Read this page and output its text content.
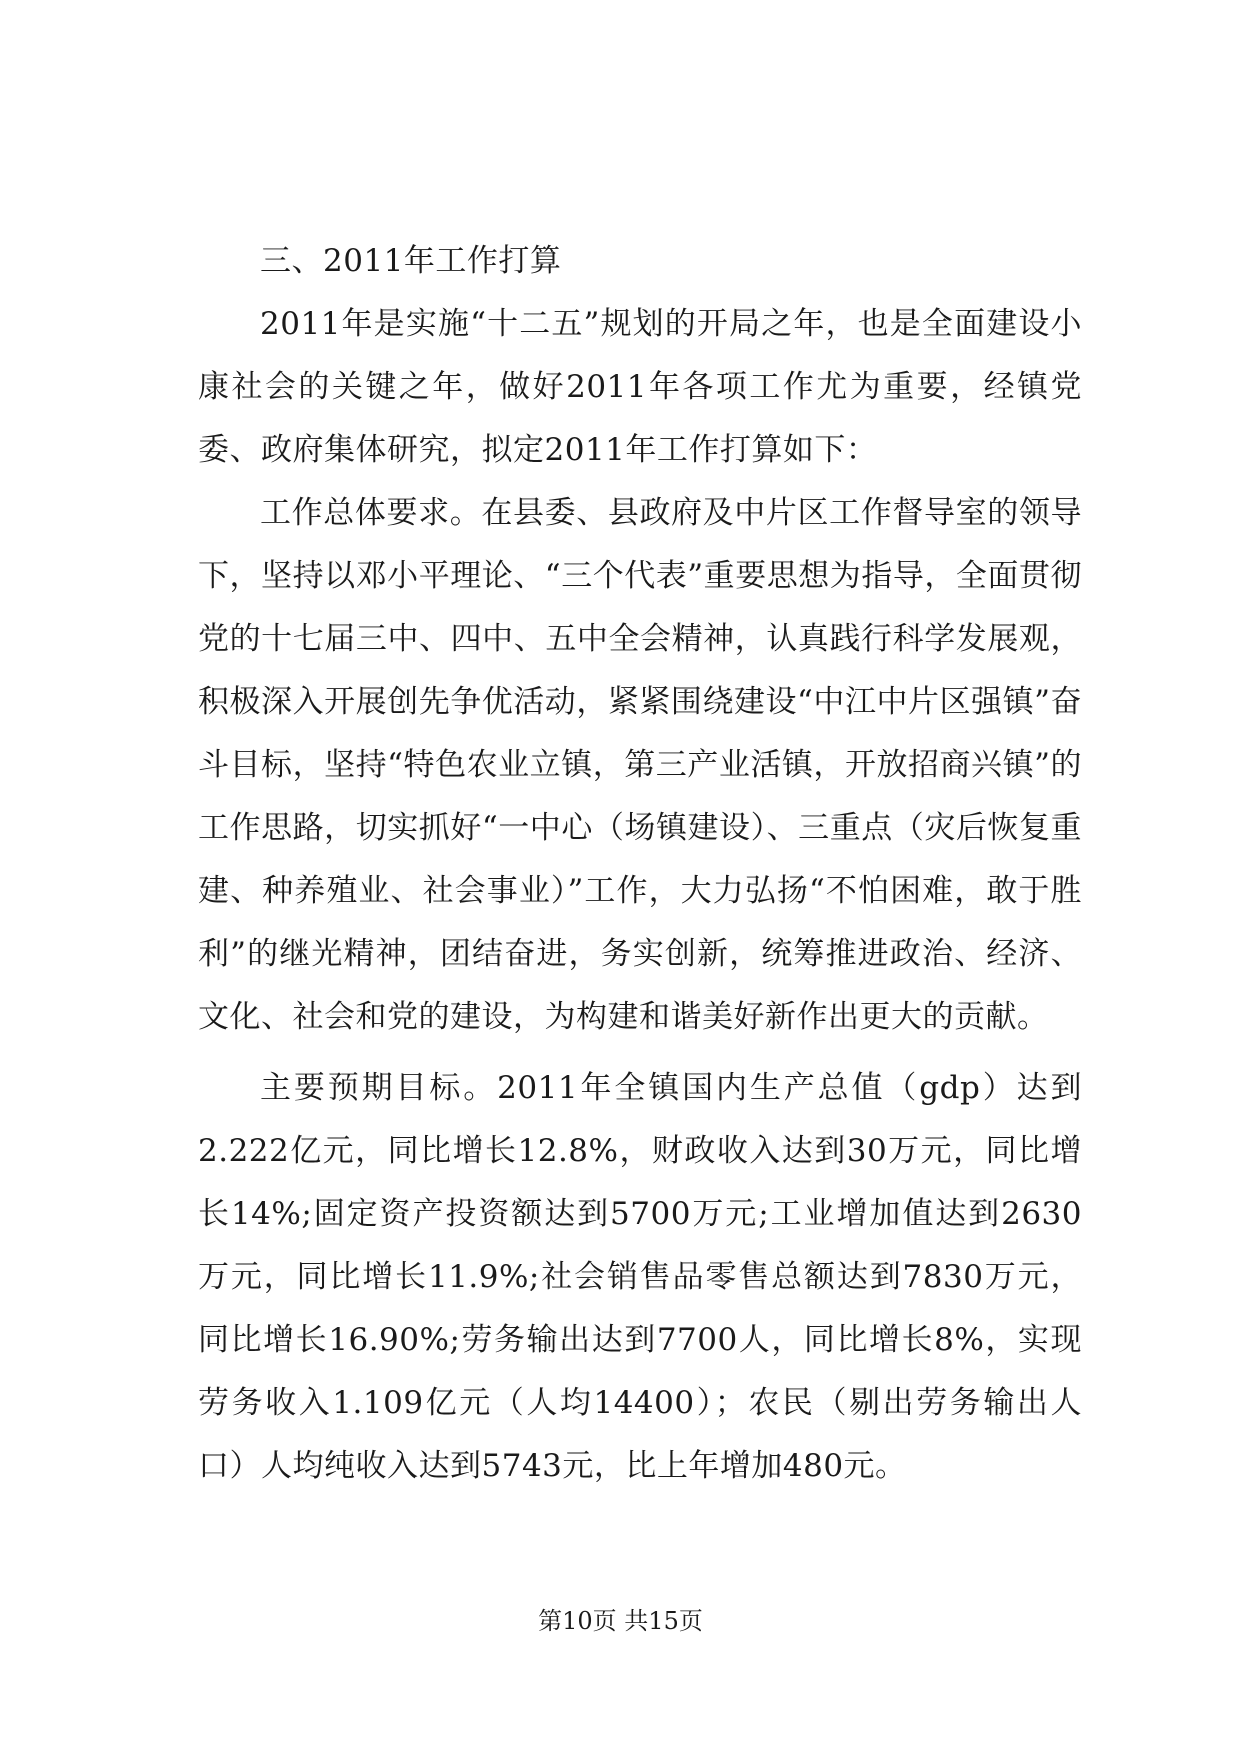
三、2011年工作打算

2011年是实施“十二五”规划的开局之年，也是全面建设小康社会的关键之年，做好2011年各项工作尤为重要，经镇党委、政府集体研究，拟定2011年工作打算如下：

工作总体要求。在县委、县政府及中片区工作督导室的领导下，坚持以邓小平理论、“三个代表”重要思想为指导，全面贯彻党的十七届三中、四中、五中全会精神，认真践行科学发展观，积极深入开展创先争优活动，紧紧围绕建设“中江中片区强镇”奋斗目标，坚持“特色农业立镇，第三产业活镇，开放招商兴镇”的工作思路，切实抓好“一中心（场镇建设）、三重点（灾后恢复重建、种养殖业、社会事业）”工作，大力弘扬“不怕困难，敢于胜利”的继光精神，团结奋进，务实创新，统筹推进政治、经济、文化、社会和党的建设，为构建和谐美好新作出更大的贡献。

主要预期目标。2011年全镇国内生产总值（gdp）达到2.222亿元，同比增长12.8%，财政收入达到30万元，同比增长14%;固定资产投资额达到5700万元;工业增加值达到2630万元，同比增长11.9%;社会销售品零售总额达到7830万元，同比增长16.90%;劳务输出达到7700人，同比增长8%，实现劳务收入1.109亿元（人均14400）；农民（剔出劳务输出人口）人均纯收入达到5743元，比上年增加480元。

第10页 共15页
